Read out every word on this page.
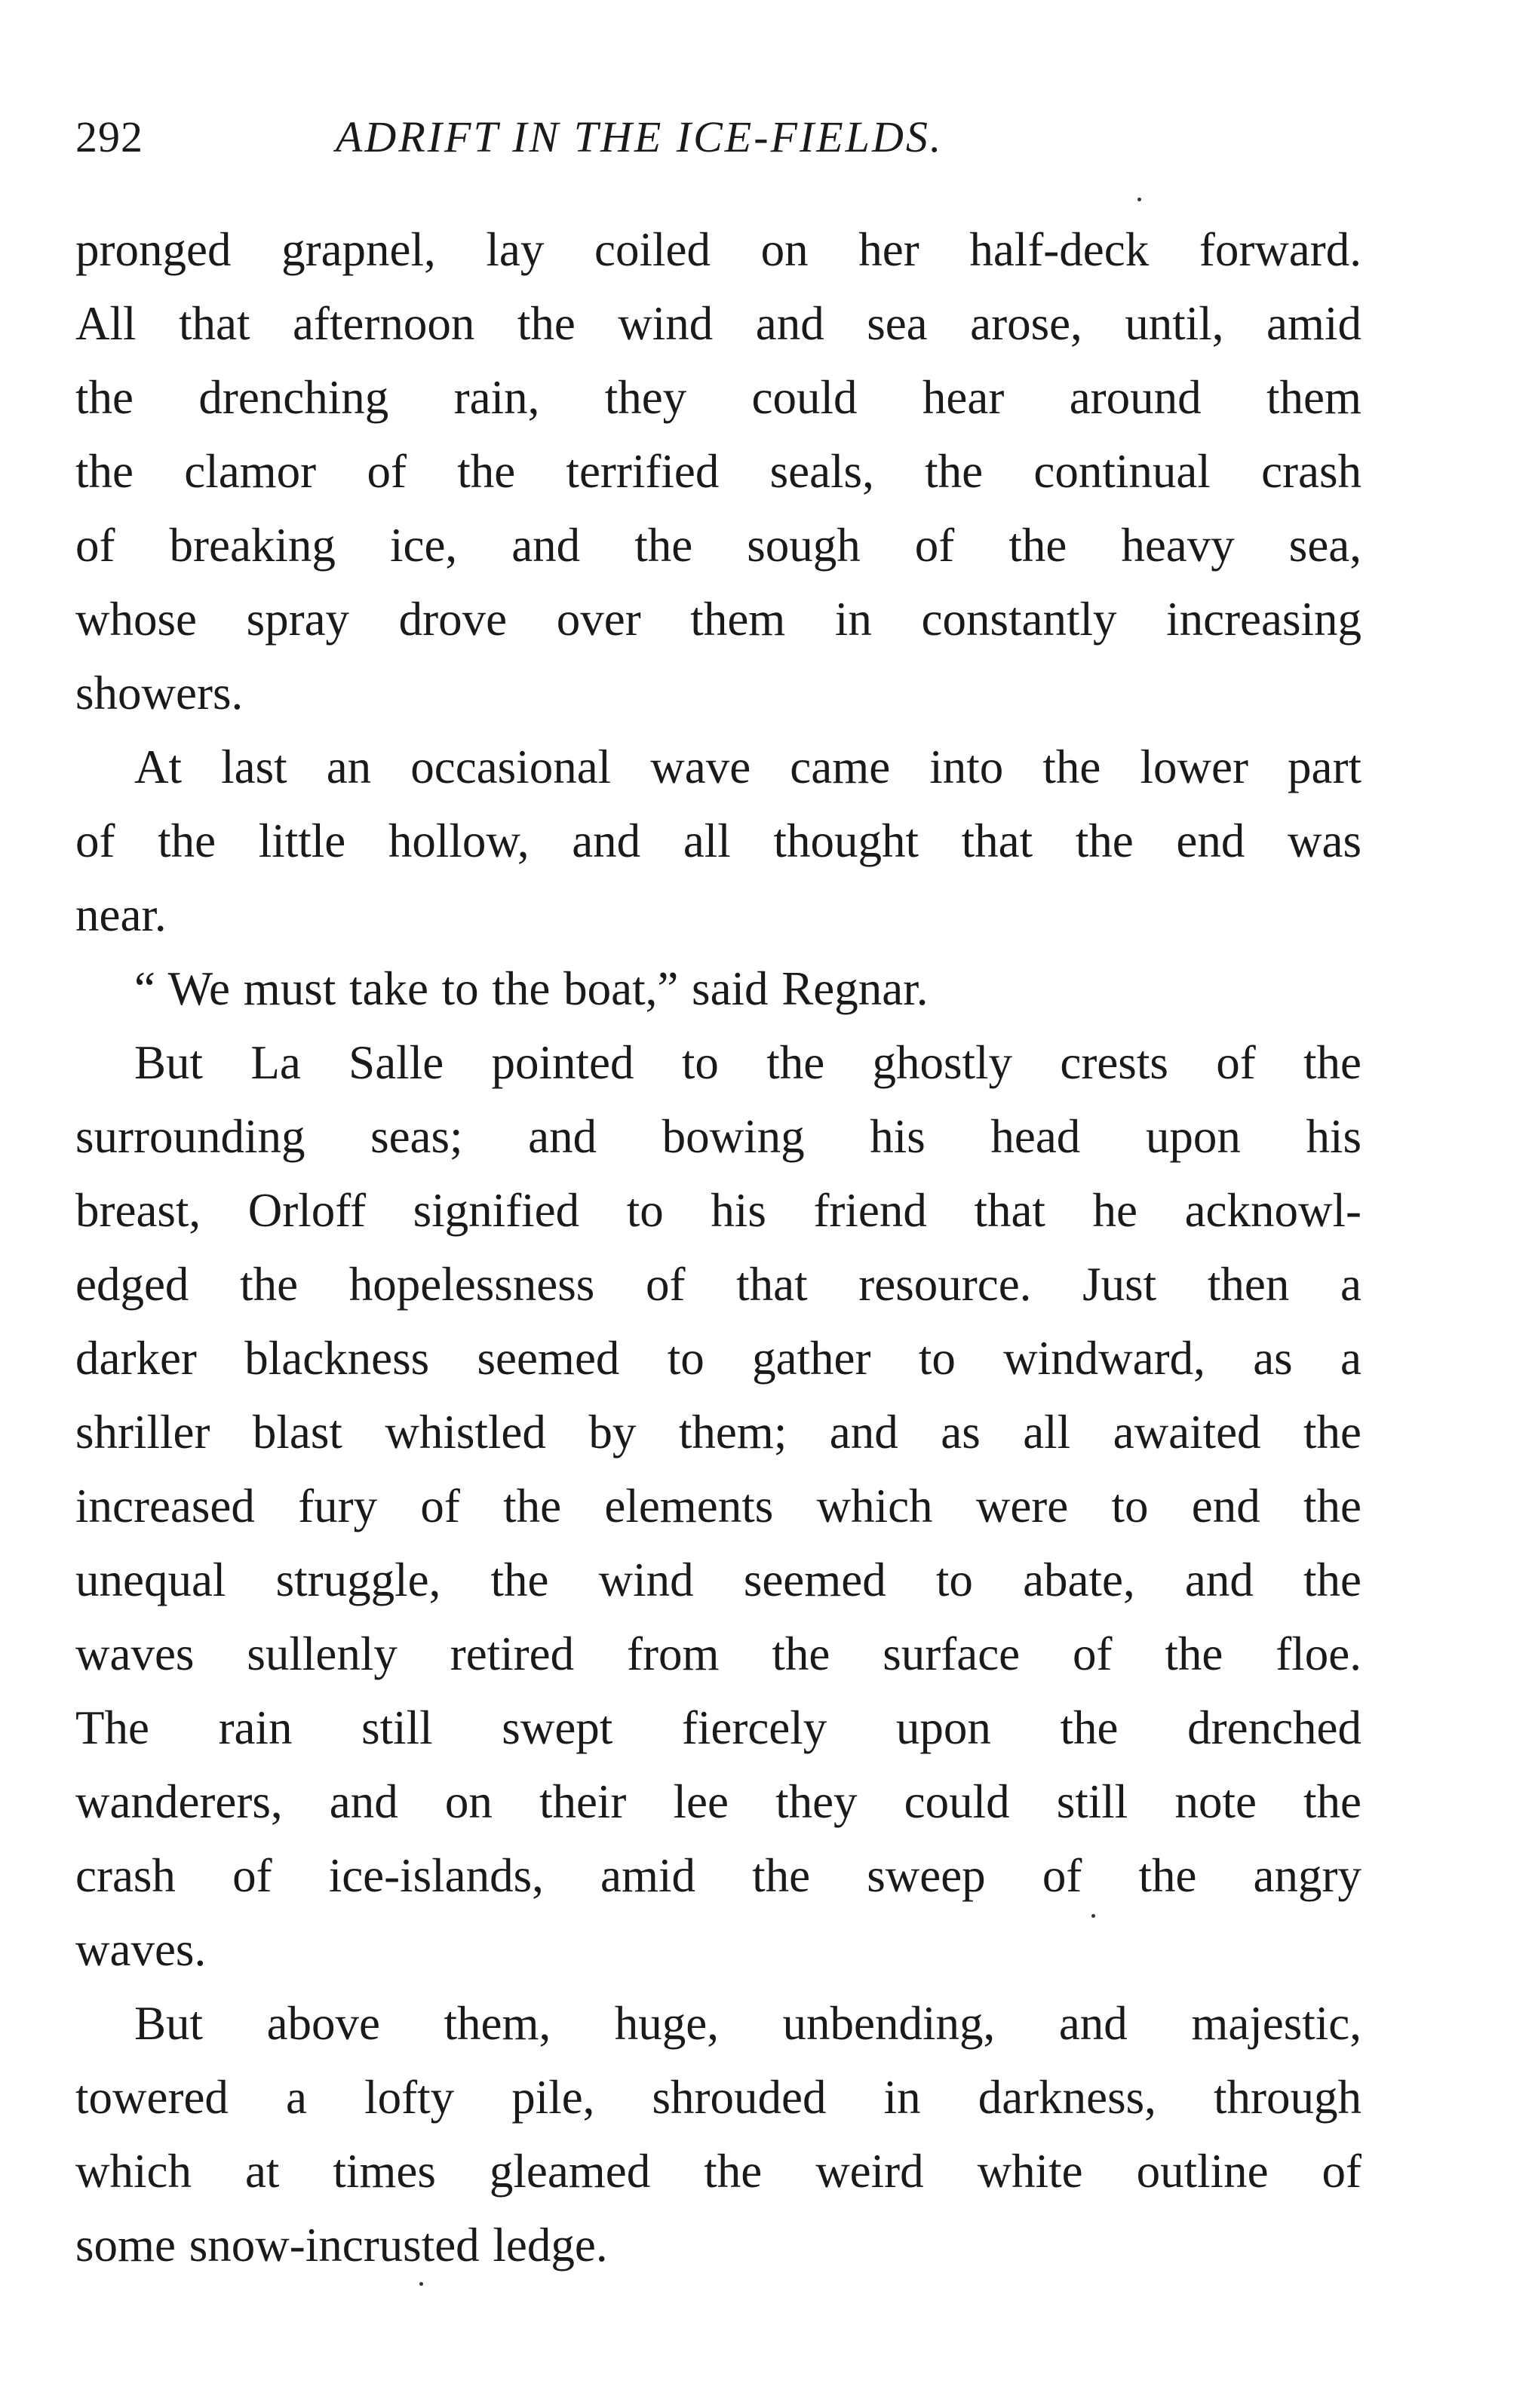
292	ADRIFT IN THE ICE-FIELDS.
pronged grapnel, lay coiled on her half-deck forward.
All that afternoon the wind and sea arose, until, amid
the drenching rain, they could hear around them
the clamor of the terrified seals, the continual crash
of breaking ice, and the sough of the heavy sea,
whose spray drove over them in constantly increasing
showers.
At last an occasional wave came into the lower part
of the little hollow, and all thought that the end was
near.
“ We must take to the boat,” said Regnar.
But La Salle pointed to the ghostly crests of the
surrounding seas; and bowing his head upon his
breast, Orloff signified to his friend that he acknowl-
edged the hopelessness of that resource. Just then a
darker blackness seemed to gather to windward, as a
shriller blast whistled by them; and as all awaited the
increased fury of the elements which were to end the
unequal struggle, the wind seemed to abate, and the
waves sullenly retired from the surface of the floe.
The rain still swept fiercely upon the drenched
wanderers, and on their lee they could still note the
crash of ice-islands, amid the sweep of the angry
waves.
But above them, huge, unbending, and majestic,
towered a lofty pile, shrouded in darkness, through
which at times gleamed the weird white outline of
some snow-incrusted ledge.
